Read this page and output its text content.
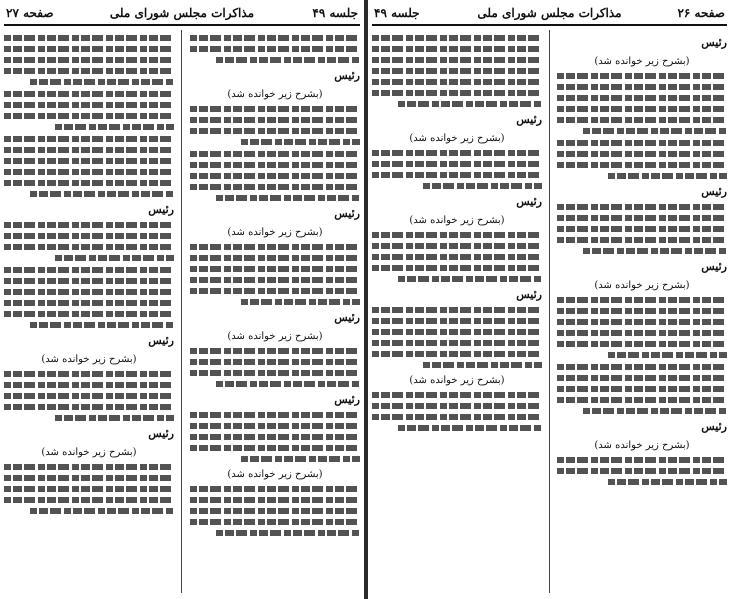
صفحه ۲۷	مذاکرات مجلس شورای ملی	جلسه ۴۹
رئیس
(بشرح زیر خوانده شد)
رئیس
(بشرح زیر خوانده شد)
رئیس
(بشرح زیر خوانده شد)
رئیس
(بشرح زیر خوانده شد)
رئیس
رئیس
(بشرح زیر خوانده شد)
رئیس
(بشرح زیر خوانده شد)
جلسه ۴۹	مذاکرات مجلس شورای ملی	صفحه ۲۶
رئیس
(بشرح زیر خوانده شد)
رئیس
رئیس
(بشرح زیر خوانده شد)
رئیس
(بشرح زیر خوانده شد)
رئیس
(بشرح زیر خوانده شد)
رئیس
(بشرح زیر خوانده شد)
رئیس
(بشرح زیر خوانده شد)
